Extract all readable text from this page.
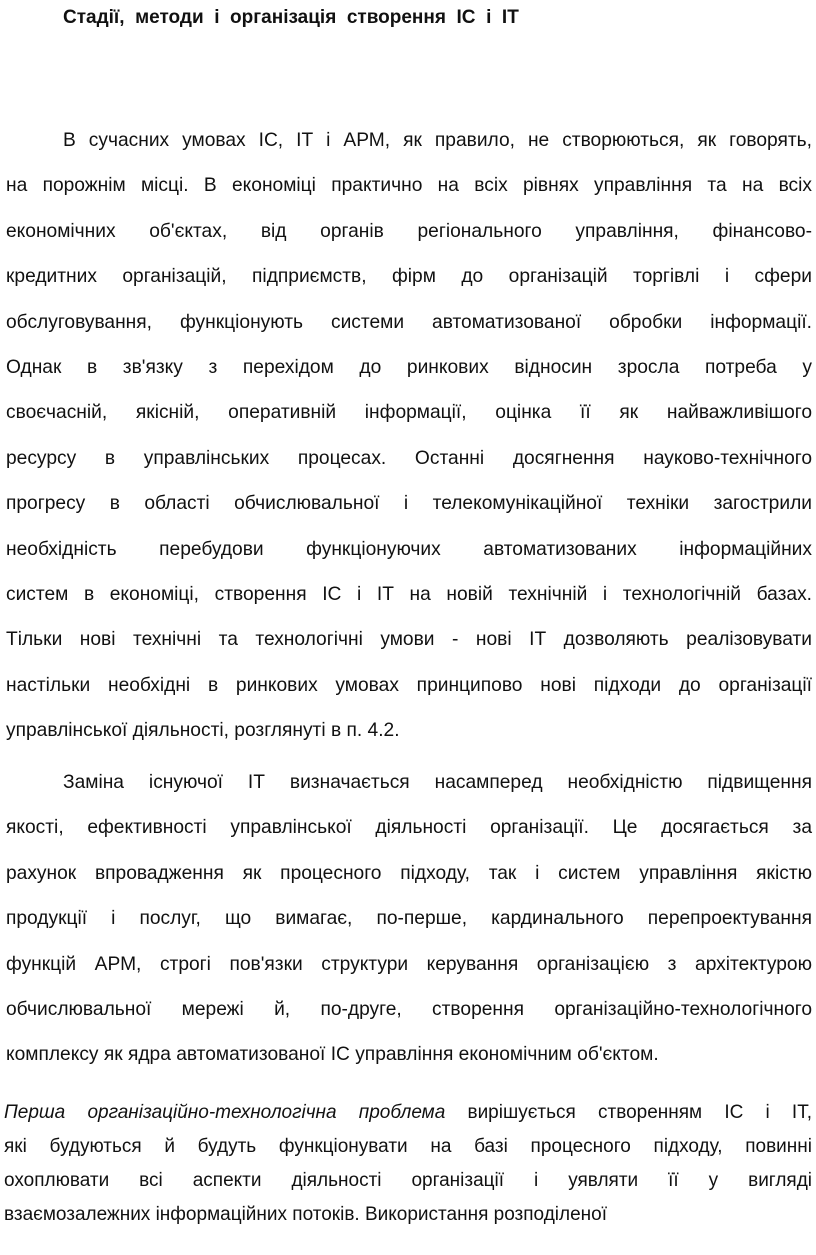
Стадії,  методи  і  організація  створення  ІС  і  ІТ

В сучасних умовах ІС, ІТ і АРМ, як правило, не створюються, як говорять,
на порожнім місці. В економіці практично на всіх рівнях управління та на всіх
економічних об'єктах, від органів регіонального управління, фінансово-
кредитних організацій, підприємств, фірм до організацій торгівлі і сфери
обслуговування, функціонують системи автоматизованої обробки інформації.
Однак в зв'язку з перехідом до ринкових відносин зросла потреба у
своєчасній, якісній, оперативній інформації, оцінка її як найважливішого
ресурсу в управлінських процесах. Останні досягнення науково-технічного
прогресу в області обчислювальної і телекомунікаційної техніки загострили
необхідність перебудови функціонуючих автоматизованих інформаційних
систем в економіці, створення ІС і ІТ на новій технічній і технологічній базах.
Тільки нові технічні та технологічні умови - нові ІТ дозволяють реалізовувати
настільки необхідні в ринкових умовах принципово нові підходи до організації
управлінської діяльності, розглянуті в п. 4.2.

Заміна існуючої ІТ визначається насамперед необхідністю підвищення
якості, ефективності управлінської діяльності організації. Це досягається за
рахунок впровадження як процесного підходу, так і систем управління якістю
продукції і послуг, що вимагає, по-перше, кардинального перепроектування
функцій АРМ, строгі пов'язки структури керування організацією з архітектурою
обчислювальної мережі й, по-друге, створення організаційно-технологічного
комплексу як ядра автоматизованої ІС управління економічним об'єктом.

Перша організаційно-технологічна проблема вирішується створенням ІС і ІТ,
які будуються й будуть функціонувати на базі процесного підходу, повинні
охоплювати всі аспекти діяльності організації і уявляти її у вигляді
взаємозалежних інформаційних потоків. Використання розподіленої
